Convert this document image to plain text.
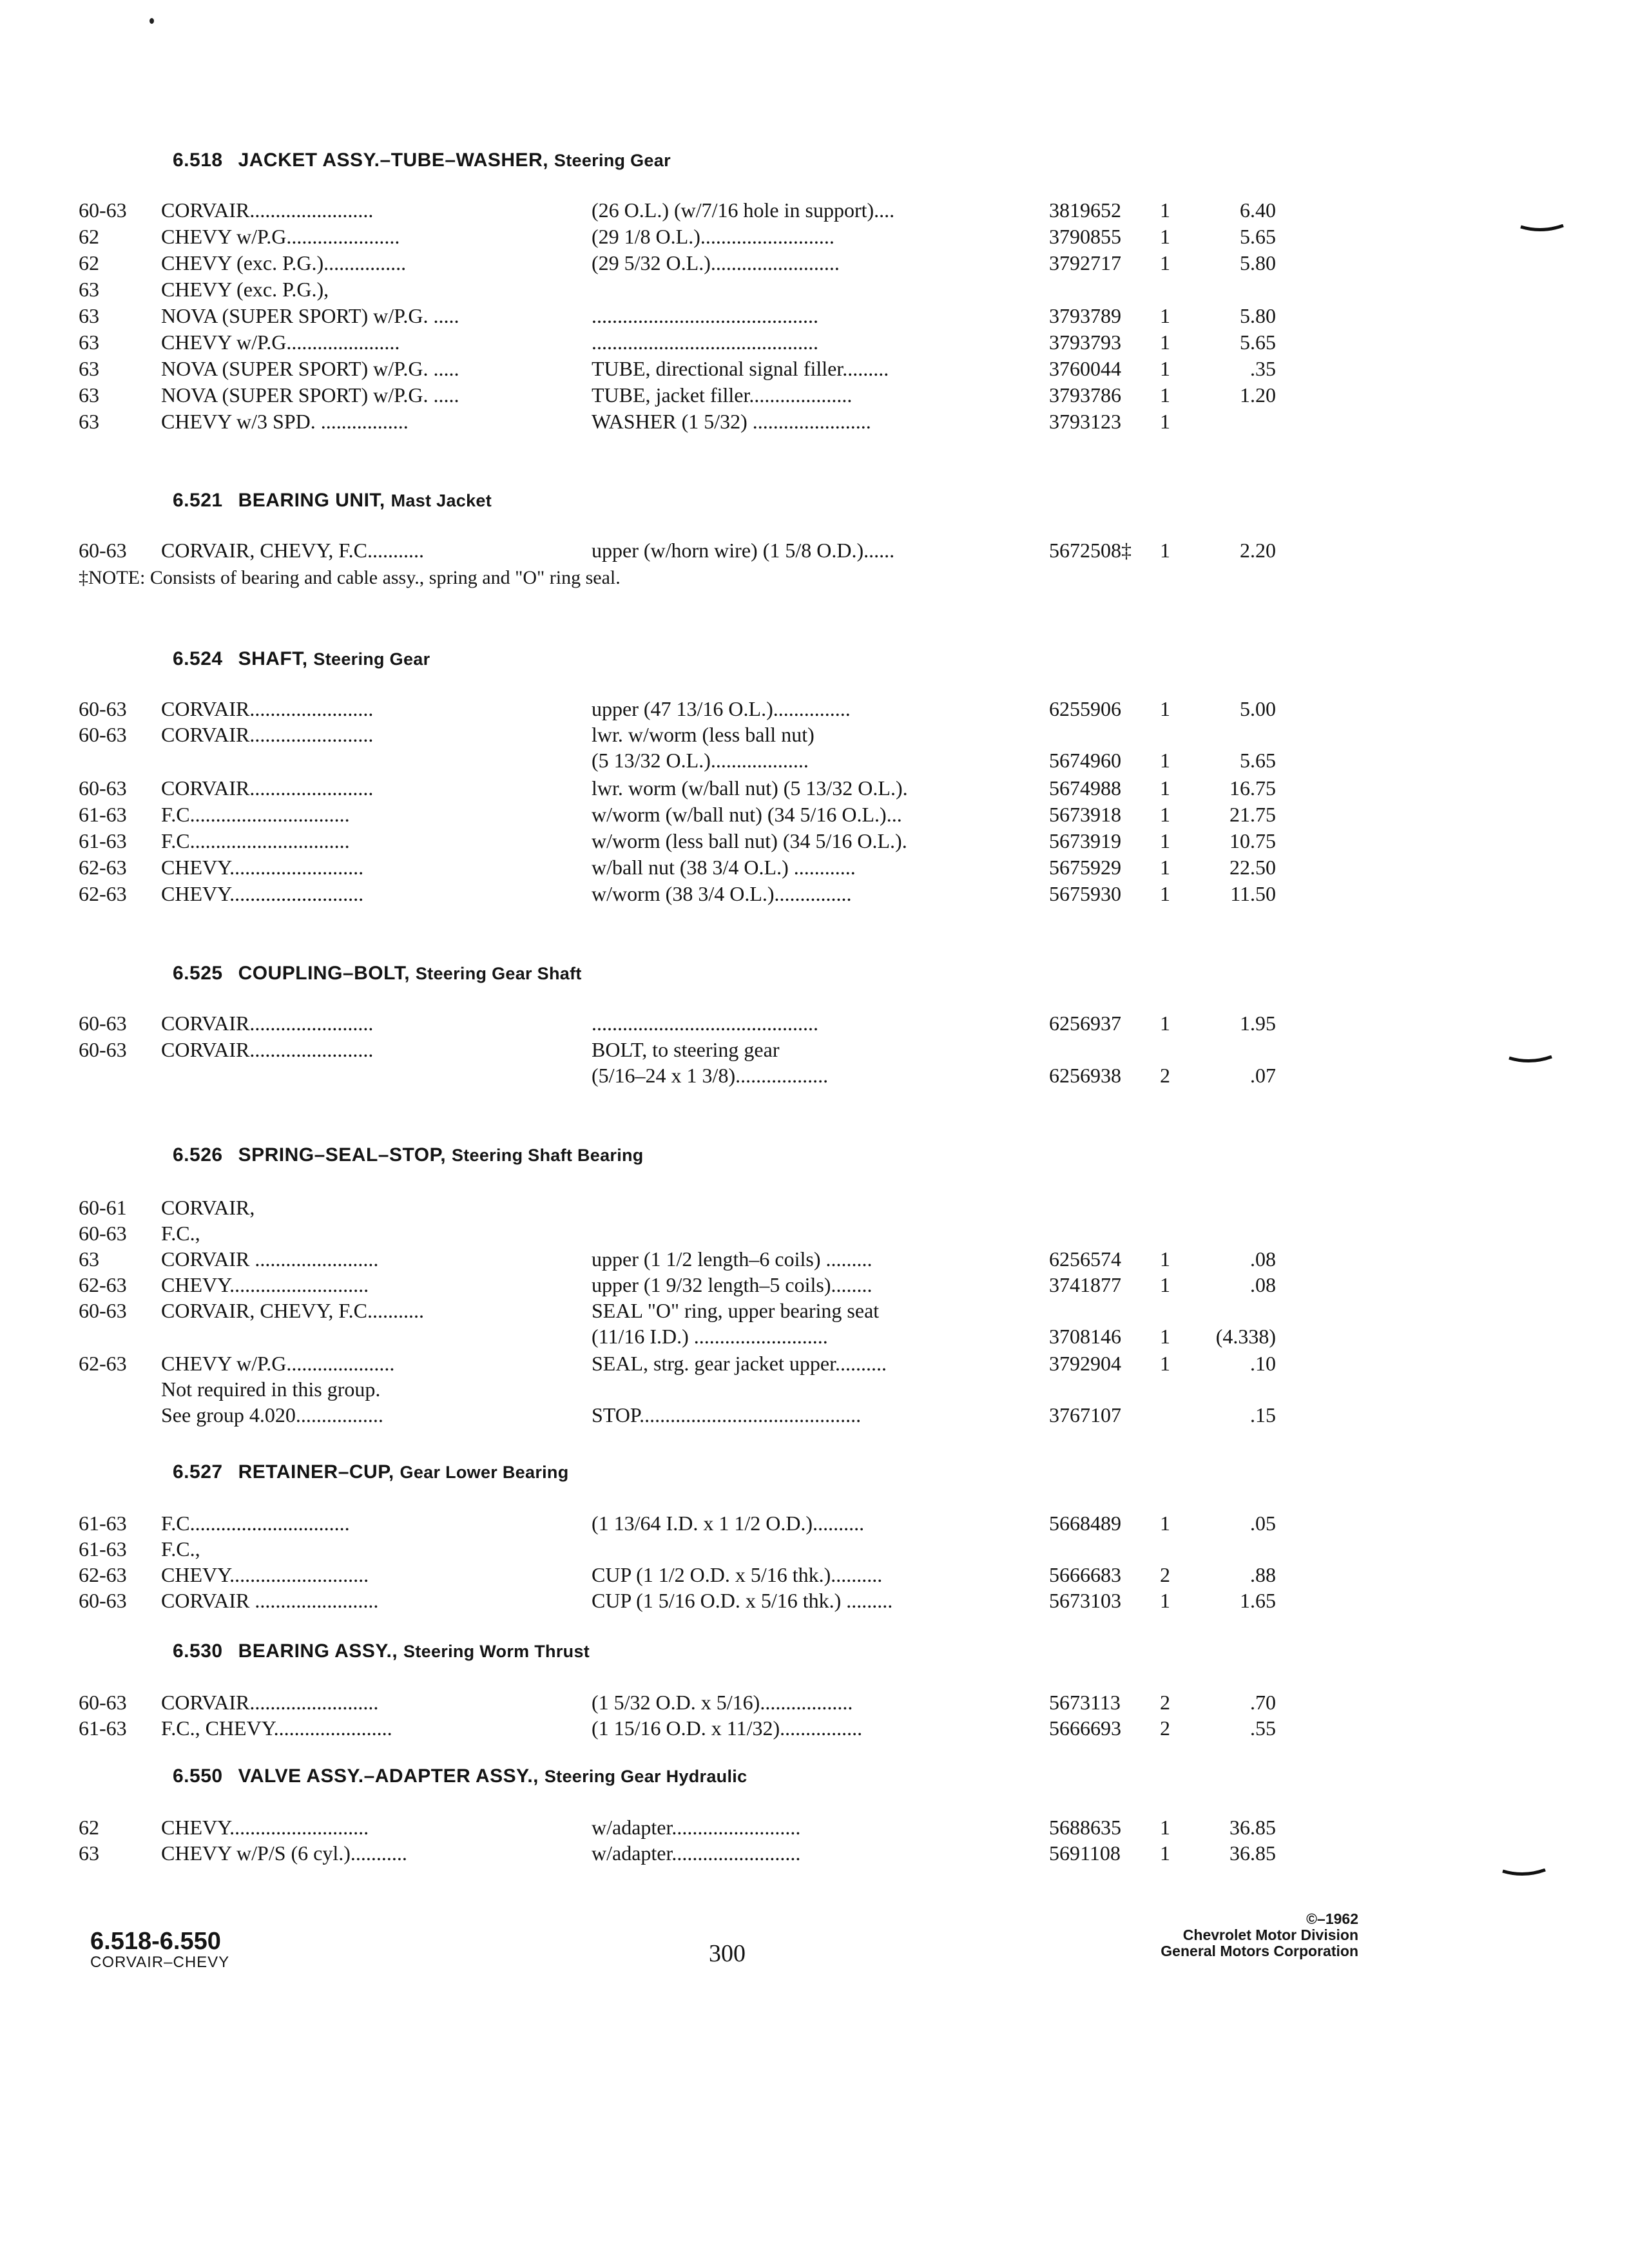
6.518 JACKET ASSY.–TUBE–WASHER, Steering Gear
60-63 CORVAIR........................	(26 O.L.) (w/7/16 hole in support)....	3819652 1	6.40
62	CHEVY w/P.G......................	(29 1/8 O.L.)..........................	3790855 1	5.65
62	CHEVY (exc. P.G.)................	(29 5/32 O.L.).........................	3792717 1	5.80
63	CHEVY (exc. P.G.),
63	NOVA (SUPER SPORT) w/P.G. .....	............................................	3793789 1	5.80
63	CHEVY w/P.G......................	............................................	3793793 1	5.65
63	NOVA (SUPER SPORT) w/P.G. .....	TUBE, directional signal filler.........	3760044 1	.35
63	NOVA (SUPER SPORT) w/P.G. .....	TUBE, jacket filler....................	3793786 1	1.20
63	CHEVY w/3 SPD. .................	WASHER (1 5/32) .......................	3793123 1
6.521 BEARING UNIT, Mast Jacket
60-63 CORVAIR, CHEVY, F.C...........	upper (w/horn wire) (1 5/8 O.D.)......	5672508‡ 1	2.20
‡NOTE: Consists of bearing and cable assy., spring and "O" ring seal.
6.524 SHAFT, Steering Gear
60-63 CORVAIR........................	upper (47 13/16 O.L.)...............	6255906 1	5.00
60-63 CORVAIR........................	lwr. w/worm (less ball nut)
(5 13/32 O.L.)...................	5674960 1	5.65
60-63 CORVAIR........................	lwr. worm (w/ball nut) (5 13/32 O.L.).	5674988 1	16.75
61-63 F.C...............................	w/worm (w/ball nut) (34 5/16 O.L.)...	5673918 1	21.75
61-63 F.C...............................	w/worm (less ball nut) (34 5/16 O.L.).	5673919 1	10.75
62-63 CHEVY..........................	w/ball nut (38 3/4 O.L.) ............	5675929 1	22.50
62-63 CHEVY..........................	w/worm (38 3/4 O.L.)...............	5675930 1	11.50
6.525 COUPLING–BOLT, Steering Gear Shaft
60-63 CORVAIR........................	............................................	6256937 1	1.95
60-63 CORVAIR........................	BOLT, to steering gear
(5/16–24 x 1 3/8)..................	6256938 2	.07
6.526 SPRING–SEAL–STOP, Steering Shaft Bearing
60-61 CORVAIR,
60-63 F.C.,
63	CORVAIR ........................	upper (1 1/2 length–6 coils) .........	6256574 1	.08
62-63 CHEVY...........................	upper (1 9/32 length–5 coils)........	3741877 1	.08
60-63 CORVAIR, CHEVY, F.C...........	SEAL "O" ring, upper bearing seat
(11/16 I.D.) ..........................	3708146 1	(4.338)
62-63 CHEVY w/P.G.....................	SEAL, strg. gear jacket upper..........	3792904 1	.10
Not required in this group.
See group 4.020.................	STOP...........................................	3767107	.15
6.527 RETAINER–CUP, Gear Lower Bearing
61-63 F.C...............................	(1 13/64 I.D. x 1 1/2 O.D.)..........	5668489 1	.05
61-63 F.C.,
62-63 CHEVY...........................	CUP (1 1/2 O.D. x 5/16 thk.)..........	5666683 2	.88
60-63 CORVAIR ........................	CUP (1 5/16 O.D. x 5/16 thk.) .........	5673103 1	1.65
6.530 BEARING ASSY., Steering Worm Thrust
60-63 CORVAIR.........................	(1 5/32 O.D. x 5/16)..................	5673113 2	.70
61-63 F.C., CHEVY.......................	(1 15/16 O.D. x 11/32)................	5666693 2	.55
6.550 VALVE ASSY.–ADAPTER ASSY., Steering Gear Hydraulic
62	CHEVY...........................	w/adapter.........................	5688635 1	36.85
63	CHEVY w/P/S (6 cyl.)...........	w/adapter.........................	5691108 1	36.85
6.518-6.550
CORVAIR–CHEVY	300
©–1962
Chevrolet Motor Division
General Motors Corporation
